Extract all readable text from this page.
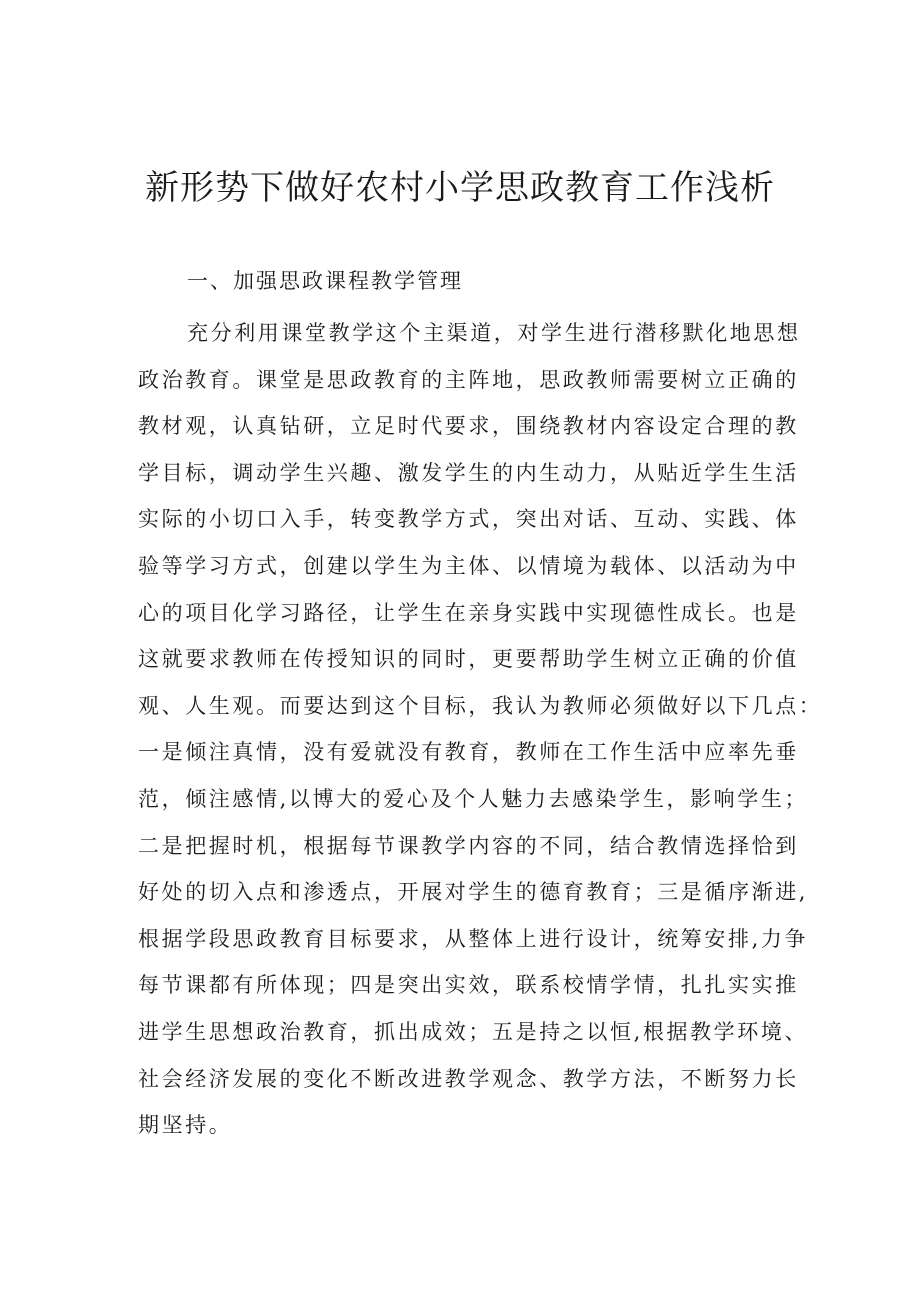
新形势下做好农村小学思政教育工作浅析
一、加强思政课程教学管理
充分利用课堂教学这个主渠道，对学生进行潜移默化地思想
政治教育。课堂是思政教育的主阵地，思政教师需要树立正确的
教材观，认真钻研，立足时代要求，围绕教材内容设定合理的教
学目标，调动学生兴趣、激发学生的内生动力，从贴近学生生活
实际的小切口入手，转变教学方式，突出对话、互动、实践、体
验等学习方式，创建以学生为主体、以情境为载体、以活动为中
心的项目化学习路径，让学生在亲身实践中实现德性成长。也是
这就要求教师在传授知识的同时，更要帮助学生树立正确的价值
观、人生观。而要达到这个目标，我认为教师必须做好以下几点：
一是倾注真情，没有爱就没有教育，教师在工作生活中应率先垂
范，倾注感情,以博大的爱心及个人魅力去感染学生，影响学生；
二是把握时机，根据每节课教学内容的不同，结合教情选择恰到
好处的切入点和渗透点，开展对学生的德育教育；三是循序渐进,
根据学段思政教育目标要求，从整体上进行设计，统筹安排,力争
每节课都有所体现；四是突出实效，联系校情学情，扎扎实实推
进学生思想政治教育，抓出成效；五是持之以恒,根据教学环境、
社会经济发展的变化不断改进教学观念、教学方法，不断努力长
期坚持。
